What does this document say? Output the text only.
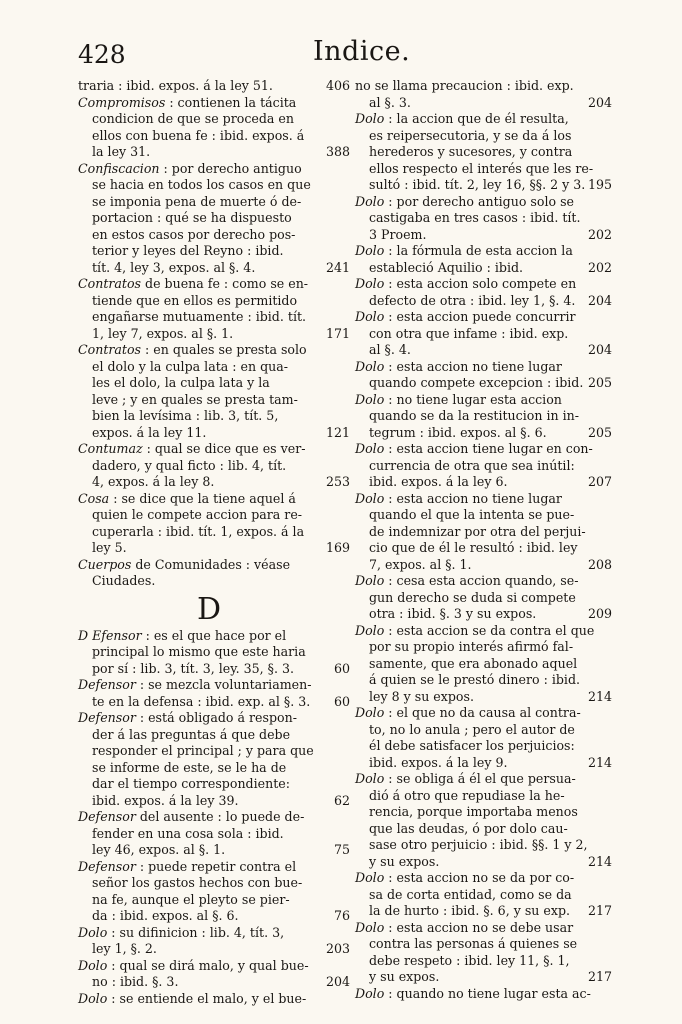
428	Indice.
traria : ibid. expos. á la ley 51.	406
Compromisos : contienen la tácita
condicion de que se proceda en
ellos con buena fe : ibid. expos. á
la ley 31.	388
Confiscacion : por derecho antiguo
se hacia en todos los casos en que
se imponia pena de muerte ó de-
portacion : qué se ha dispuesto
en estos casos por derecho pos-
terior y leyes del Reyno : ibid.
tít. 4, ley 3, expos. al §. 4.	241
Contratos de buena fe : como se en-
tiende que en ellos es permitido
engañarse mutuamente : ibid. tít.
1, ley 7, expos. al §. 1.	171
Contratos : en quales se presta solo
el dolo y la culpa lata : en qua-
les el dolo, la culpa lata y la
leve ; y en quales se presta tam-
bien la levísima : lib. 3, tít. 5,
expos. á la ley 11.	121
Contumaz : qual se dice que es ver-
dadero, y qual ficto : lib. 4, tít.
4, expos. á la ley 8.	253
Cosa : se dice que la tiene aquel á
quien le compete accion para re-
cuperarla : ibid. tít. 1, expos. á la
ley 5.	169
Cuerpos de Comunidades : véase
Ciudades.
D
D Efensor : es el que hace por el
principal lo mismo que este haria
por sí : lib. 3, tít. 3, ley. 35, §. 3.	60
Defensor : se mezcla voluntariamen-
te en la defensa : ibid. exp. al §. 3.	60
Defensor : está obligado á respon-
der á las preguntas á que debe
responder el principal ; y para que
se informe de este, se le ha de
dar el tiempo correspondiente:
ibid. expos. á la ley 39.	62
Defensor del ausente : lo puede de-
fender en una cosa sola : ibid.
ley 46, expos. al §. 1.	75
Defensor : puede repetir contra el
señor los gastos hechos con bue-
na fe, aunque el pleyto se pier-
da : ibid. expos. al §. 6.	76
Dolo : su difinicion : lib. 4, tít. 3,
ley 1, §. 2.	203
Dolo : qual se dirá malo, y qual bue-
no : ibid. §. 3.	204
Dolo : se entiende el malo, y el bue-
no se llama precaucion : ibid. exp.
al §. 3.	204
Dolo : la accion que de él resulta,
es reipersecutoria, y se da á los
herederos y sucesores, y contra
ellos respecto el interés que les re-
sultó : ibid. tít. 2, ley 16, §§. 2 y 3. 195
Dolo : por derecho antiguo solo se
castigaba en tres casos : ibid. tít.
3 Proem.	202
Dolo : la fórmula de esta accion la
estableció Aquilio : ibid.	202
Dolo : esta accion solo compete en
defecto de otra : ibid. ley 1, §. 4. 204
Dolo : esta accion puede concurrir
con otra que infame : ibid. exp.
al §. 4.	204
Dolo : esta accion no tiene lugar
quando compete excepcion : ibid. 205
Dolo : no tiene lugar esta accion
quando se da la restitucion in in-
tegrum : ibid. expos. al §. 6.	205
Dolo : esta accion tiene lugar en con-
currencia de otra que sea inútil:
ibid. expos. á la ley 6.	207
Dolo : esta accion no tiene lugar
quando el que la intenta se pue-
de indemnizar por otra del perjui-
cio que de él le resultó : ibid. ley
7, expos. al §. 1.	208
Dolo : cesa esta accion quando, se-
gun derecho se duda si compete
otra : ibid. §. 3 y su expos.	209
Dolo : esta accion se da contra el que
por su propio interés afirmó fal-
samente, que era abonado aquel
á quien se le prestó dinero : ibid.
ley 8 y su expos.	214
Dolo : el que no da causa al contra-
to, no lo anula ; pero el autor de
él debe satisfacer los perjuicios:
ibid. expos. á la ley 9.	214
Dolo : se obliga á él el que persua-
dió á otro que repudiase la he-
rencia, porque importaba menos
que las deudas, ó por dolo cau-
sase otro perjuicio : ibid. §§. 1 y 2,
y su expos.	214
Dolo : esta accion no se da por co-
sa de corta entidad, como se da
la de hurto : ibid. §. 6, y su exp.	217
Dolo : esta accion no se debe usar
contra las personas á quienes se
debe respeto : ibid. ley 11, §. 1,
y su expos.	217
Dolo : quando no tiene lugar esta ac-
